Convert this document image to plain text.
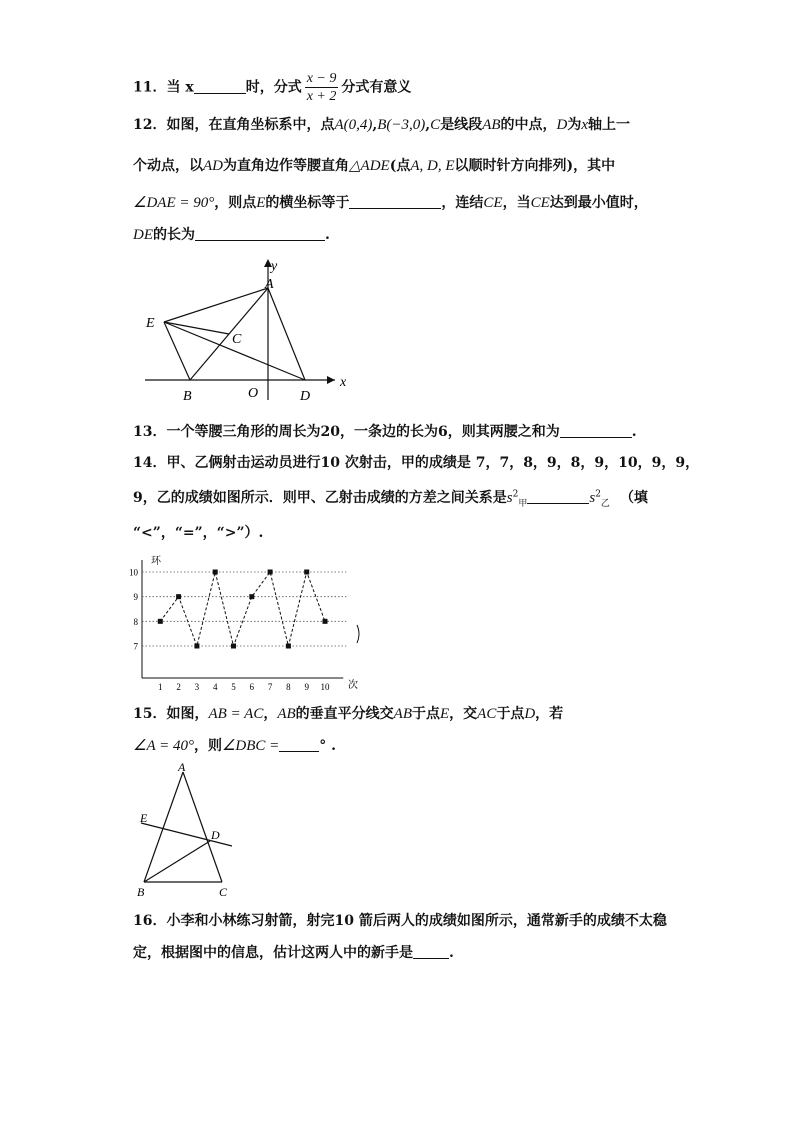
11．当 x	时，分式 $\frac{x - 9}{x + 2}$ 分式有意义
12．如图，在直角坐标系中，点A(0,4),B(−3,0),C是线段AB的中点，D为x轴上一
个动点，以AD为直角边作等腰直角△ADE(点A, D, E以顺时针方向排列)，其中
∠DAE = 90°，则点E的横坐标等于	，连结CE，当CE达到最小值时，
DE的长为	.
y
x
A
B
C
D
E
O
13．一个等腰三角形的周长为20，一条边的长为6，则其两腰之和为	.
14．甲、乙俩射击运动员进行10 次射击，甲的成绩是 7，7，8，9，8，9，10，9，9，
9，乙的成绩如图所示．则甲、乙射击成绩的方差之间关系是$s^2_甲$	$s^2_乙$ （填
“<”，“=”，“>”）.
环
次
7
8
9
10
1 2 3 4 5 6 7 8 9 10
15．如图，AB = AC，AB的垂直平分线交AB于点E，交AC于点D，若
∠A = 40°，则∠DBC =	° .
A
B	C
D
E
16．小李和小林练习射箭，射完10 箭后两人的成绩如图所示，通常新手的成绩不太稳
定，根据图中的信息，估计这两人中的新手是	.
